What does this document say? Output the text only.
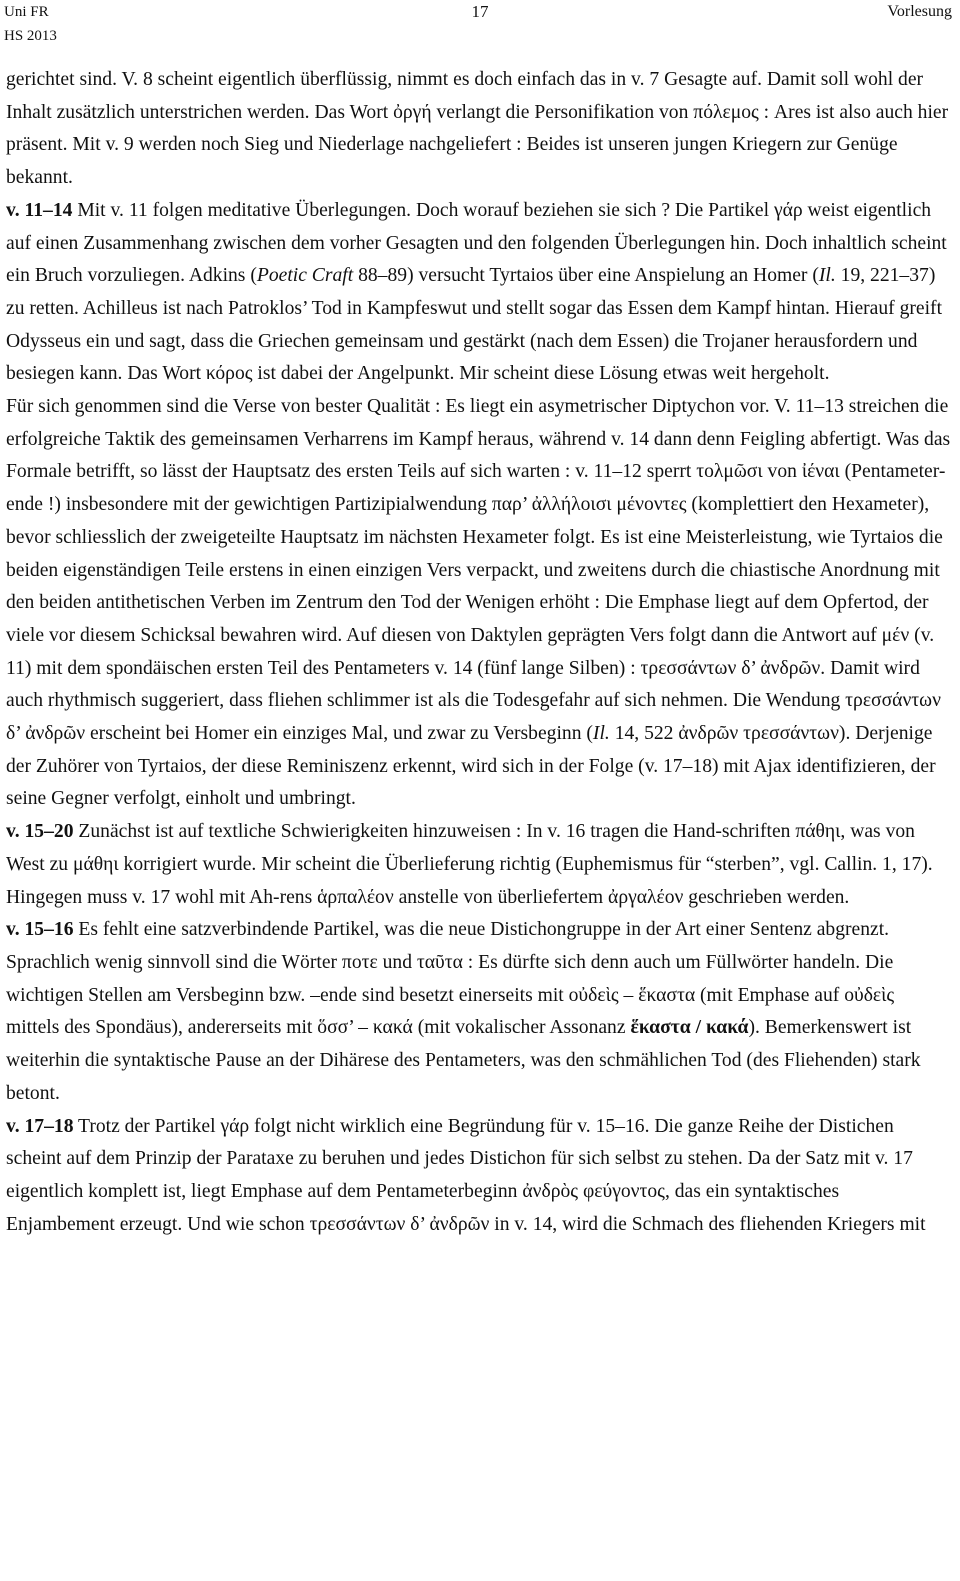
Uni FR
HS 2013
17	Vorlesung

gerichtet sind. V. 8 scheint eigentlich überflüssig, nimmt es doch einfach das in v. 7 Gesagte auf. Damit soll wohl der Inhalt zusätzlich unterstrichen werden. Das Wort ὀργή verlangt die Personifikation von πόλεμος : Ares ist also auch hier präsent. Mit v. 9 werden noch Sieg und Niederlage nachgeliefert : Beides ist unseren jungen Kriegern zur Genüge bekannt.

v. 11–14 Mit v. 11 folgen meditative Überlegungen. Doch worauf beziehen sie sich ? Die Partikel γάρ weist eigentlich auf einen Zusammenhang zwischen dem vorher Gesagten und den folgenden Überlegungen hin. Doch inhaltlich scheint ein Bruch vorzuliegen. Adkins (Poetic Craft 88–89) versucht Tyrtaios über eine Anspielung an Homer (Il. 19, 221–37) zu retten. Achilleus ist nach Patroklos’ Tod in Kampfeswut und stellt sogar das Essen dem Kampf hintan. Hierauf greift Odysseus ein und sagt, dass die Griechen gemeinsam und gestärkt (nach dem Essen) die Trojaner herausfordern und besiegen kann. Das Wort κόρος ist dabei der Angelpunkt. Mir scheint diese Lösung etwas weit hergeholt.

Für sich genommen sind die Verse von bester Qualität : Es liegt ein asymetrischer Diptychon vor. V. 11–13 streichen die erfolgreiche Taktik des gemeinsamen Verharrens im Kampf heraus, während v. 14 dann denn Feigling abfertigt. Was das Formale betrifft, so lässt der Hauptsatz des ersten Teils auf sich warten : v. 11–12 sperrt τολμῶσι von ἰέναι (Pentameter-ende !) insbesondere mit der gewichtigen Partizipialwendung παρ’ ἀλλήλοισι μένοντες (komplettiert den Hexameter), bevor schliesslich der zweigeteilte Hauptsatz im nächsten Hexameter folgt. Es ist eine Meisterleistung, wie Tyrtaios die beiden eigenständigen Teile erstens in einen einzigen Vers verpackt, und zweitens durch die chiastische Anordnung mit den beiden antithetischen Verben im Zentrum den Tod der Wenigen erhöht : Die Emphase liegt auf dem Opfertod, der viele vor diesem Schicksal bewahren wird. Auf diesen von Daktylen geprägten Vers folgt dann die Antwort auf μέν (v. 11) mit dem spondäischen ersten Teil des Pentameters v. 14 (fünf lange Silben) : τρεσσάντων δ’ ἀνδρῶν. Damit wird auch rhythmisch suggeriert, dass fliehen schlimmer ist als die Todesgefahr auf sich nehmen. Die Wendung τρεσσάντων δ’ ἀνδρῶν erscheint bei Homer ein einziges Mal, und zwar zu Versbeginn (Il. 14, 522 ἀνδρῶν τρεσσάντων). Derjenige der Zuhörer von Tyrtaios, der diese Reminiszenz erkennt, wird sich in der Folge (v. 17–18) mit Ajax identifizieren, der seine Gegner verfolgt, einholt und umbringt.

v. 15–20 Zunächst ist auf textliche Schwierigkeiten hinzuweisen : In v. 16 tragen die Hand-schriften πάθηι, was von West zu μάθηι korrigiert wurde. Mir scheint die Überlieferung richtig (Euphemismus für “sterben”, vgl. Callin. 1, 17). Hingegen muss v. 17 wohl mit Ah-rens ἁρπαλέον anstelle von überliefertem ἀργαλέον geschrieben werden.

v. 15–16 Es fehlt eine satzverbindende Partikel, was die neue Distichongruppe in der Art einer Sentenz abgrenzt. Sprachlich wenig sinnvoll sind die Wörter ποτε und ταῦτα : Es dürfte sich denn auch um Füllwörter handeln. Die wichtigen Stellen am Versbeginn bzw. –ende sind besetzt einerseits mit οὐδεὶς – ἕκαστα (mit Emphase auf οὐδεὶς mittels des Spondäus), andererseits mit ὅσσ’ – κακά (mit vokalischer Assonanz ἕκαστα / κακά). Bemerkenswert ist weiterhin die syntaktische Pause an der Dihärese des Pentameters, was den schmählichen Tod (des Fliehenden) stark betont.

v. 17–18 Trotz der Partikel γάρ folgt nicht wirklich eine Begründung für v. 15–16. Die ganze Reihe der Distichen scheint auf dem Prinzip der Parataxe zu beruhen und jedes Distichon für sich selbst zu stehen. Da der Satz mit v. 17 eigentlich komplett ist, liegt Emphase auf dem Pentameterbeginn ἀνδρὸς φεύγοντος, das ein syntaktisches Enjambement erzeugt. Und wie schon τρεσσάντων δ’ ἀνδρῶν in v. 14, wird die Schmach des fliehenden Kriegers mit
